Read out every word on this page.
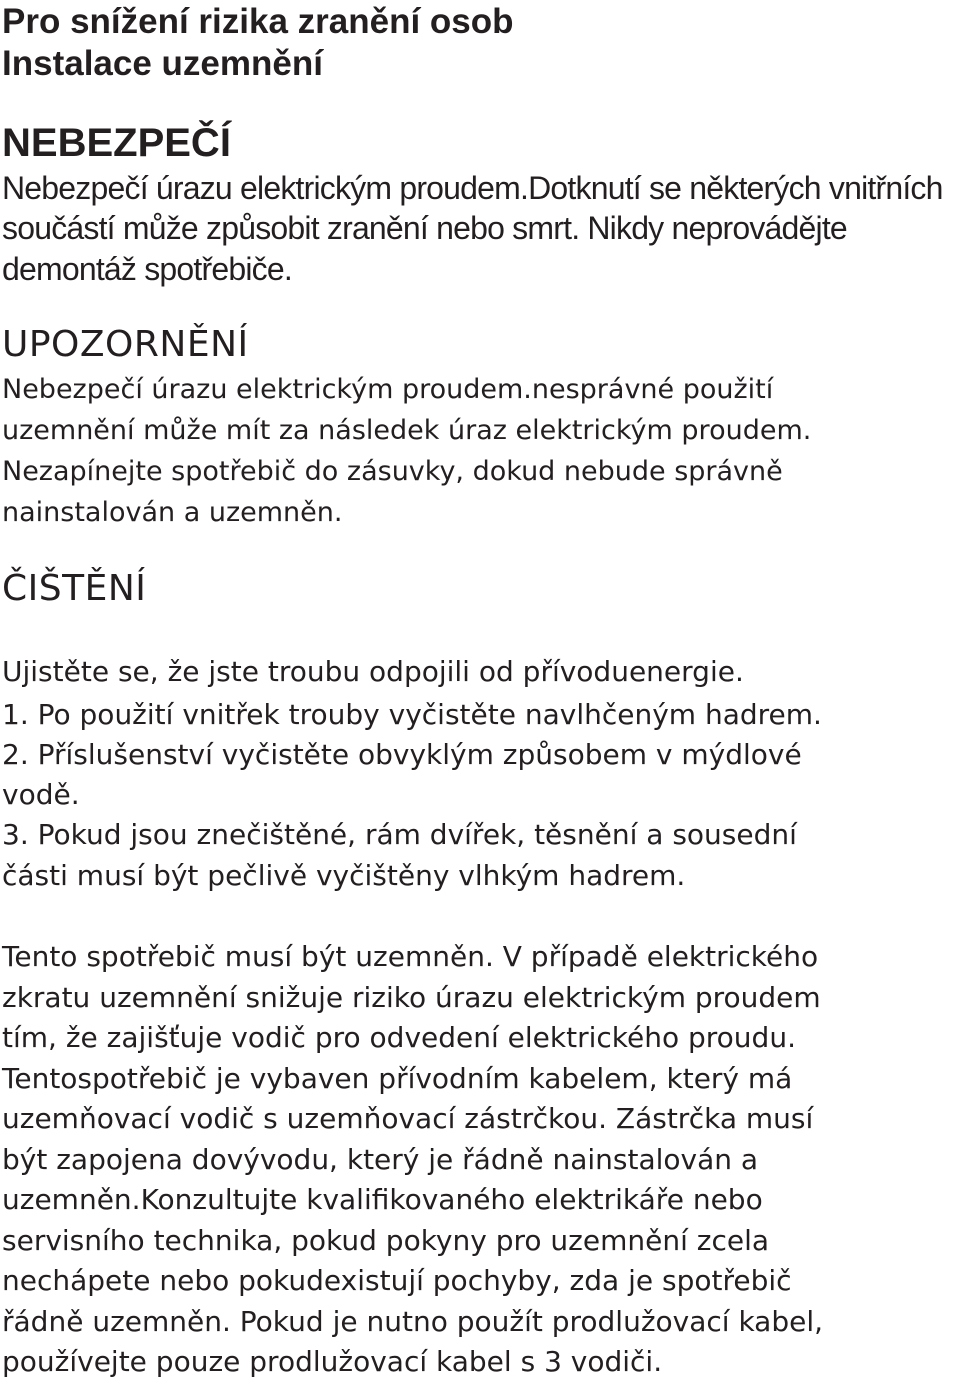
Pro snížení rizika zranění osob
Instalace uzemnění
NEBEZPEČÍ
Nebezpečí úrazu elektrickým proudem.Dotknutí se některých vnitřních
součástí může způsobit zranění nebo smrt. Nikdy neprovádějte
demontáž spotřebiče.
UPOZORNĚNÍ
Nebezpečí úrazu elektrickým proudem.nesprávné použití
uzemnění může mít za následek úraz elektrickým proudem.
Nezapínejte spotřebič do zásuvky, dokud nebude správně
nainstalován a uzemněn.
ČIŠTĚNÍ
Ujistěte se, že jste troubu odpojili od přívoduenergie.
1. Po použití vnitřek trouby vyčistěte navlhčeným hadrem.
2. Příslušenství vyčistěte obvyklým způsobem v mýdlové
vodě.
3. Pokud jsou znečištěné, rám dvířek, těsnění a sousední
části musí být pečlivě vyčištěny vlhkým hadrem.
Tento spotřebič musí být uzemněn. V případě elektrického
zkratu uzemnění snižuje riziko úrazu elektrickým proudem
tím, že zajišťuje vodič pro odvedení elektrického proudu.
Tentospotřebič je vybaven přívodním kabelem, který má
uzemňovací vodič s uzemňovací zástrčkou. Zástrčka musí
být zapojena dovývodu, který je řádně nainstalován a
uzemněn.Konzultujte kvalifikovaného elektrikáře nebo
servisního technika, pokud pokyny pro uzemnění zcela
nechápete nebo pokudexistují pochyby, zda je spotřebič
řádně uzemněn. Pokud je nutno použít prodlužovací kabel,
používejte pouze prodlužovací kabel s 3 vodiči.
